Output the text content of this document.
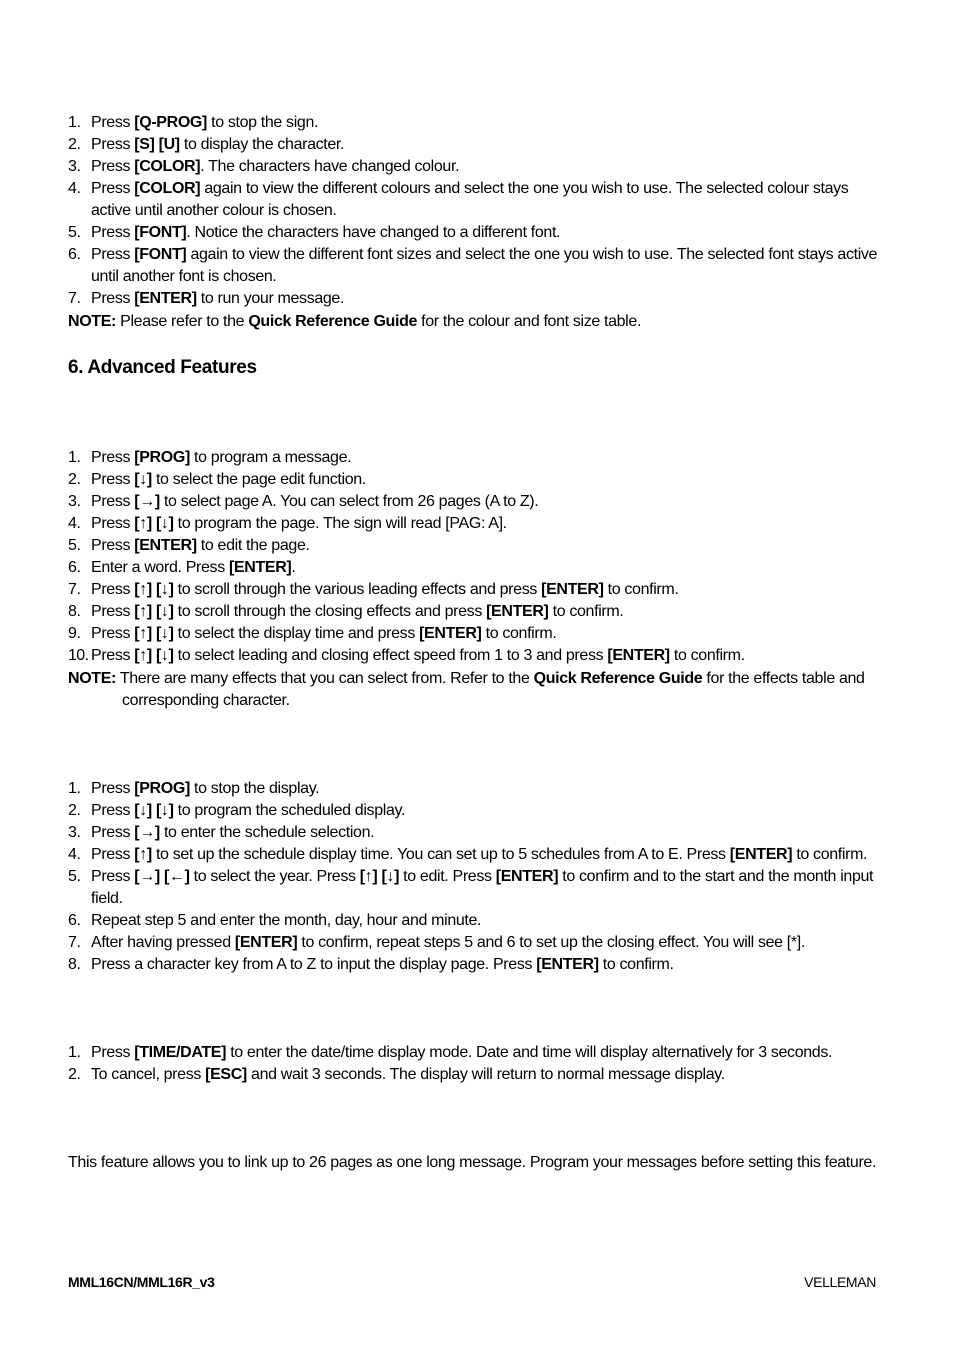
1. Press [Q-PROG] to stop the sign.
2. Press [S] [U] to display the character.
3. Press [COLOR]. The characters have changed colour.
4. Press [COLOR] again to view the different colours and select the one you wish to use. The selected colour stays active until another colour is chosen.
5. Press [FONT]. Notice the characters have changed to a different font.
6. Press [FONT] again to view the different font sizes and select the one you wish to use. The selected font stays active until another font is chosen.
7. Press [ENTER] to run your message.
NOTE: Please refer to the Quick Reference Guide for the colour and font size table.
6. Advanced Features
1. Press [PROG] to program a message.
2. Press [↓] to select the page edit function.
3. Press [→] to select page A. You can select from 26 pages (A to Z).
4. Press [↑] [↓] to program the page. The sign will read [PAG: A].
5. Press [ENTER] to edit the page.
6. Enter a word. Press [ENTER].
7. Press [↑] [↓] to scroll through the various leading effects and press [ENTER] to confirm.
8. Press [↑] [↓] to scroll through the closing effects and press [ENTER] to confirm.
9. Press [↑] [↓] to select the display time and press [ENTER] to confirm.
10. Press [↑] [↓] to select leading and closing effect speed from 1 to 3 and press [ENTER] to confirm.
NOTE: There are many effects that you can select from. Refer to the Quick Reference Guide for the effects table and corresponding character.
1. Press [PROG] to stop the display.
2. Press [↓] [↓] to program the scheduled display.
3. Press [→] to enter the schedule selection.
4. Press [↑] to set up the schedule display time. You can set up to 5 schedules from A to E. Press [ENTER] to confirm.
5. Press [→] [←] to select the year. Press [↑] [↓] to edit. Press [ENTER] to confirm and to the start and the month input field.
6. Repeat step 5 and enter the month, day, hour and minute.
7. After having pressed [ENTER] to confirm, repeat steps 5 and 6 to set up the closing effect. You will see [*].
8. Press a character key from A to Z to input the display page. Press [ENTER] to confirm.
1. Press [TIME/DATE] to enter the date/time display mode. Date and time will display alternatively for 3 seconds.
2. To cancel, press [ESC] and wait 3 seconds. The display will return to normal message display.
This feature allows you to link up to 26 pages as one long message. Program your messages before setting this feature.
MML16CN/MML16R_v3	VELLEMAN
